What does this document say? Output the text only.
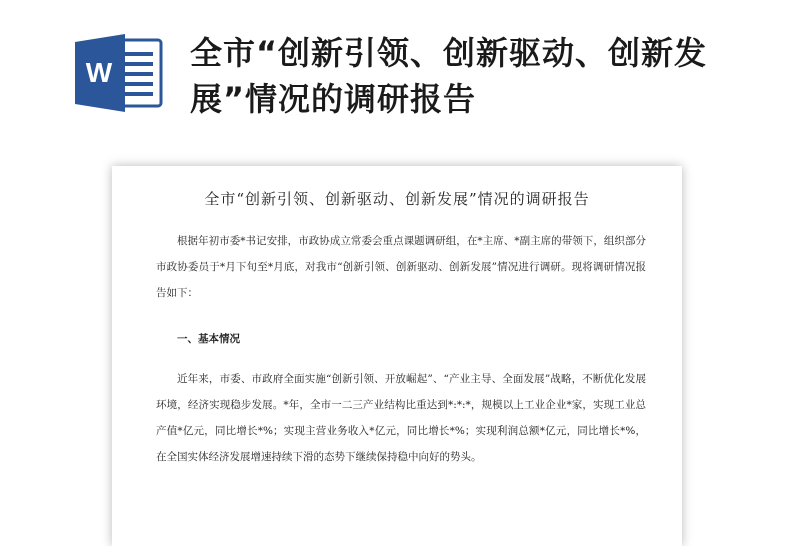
W
全市“创新引领、创新驱动、创新发展”情况的调研报告
全市“创新引领、创新驱动、创新发展”情况的调研报告
根据年初市委*书记安排，市政协成立常委会重点课题调研组，在*主席、*副主席的带领下，组织部分市政协委员于*月下旬至*月底，对我市“创新引领、创新驱动、创新发展”情况进行调研。现将调研情况报告如下：
一、基本情况
近年来，市委、市政府全面实施“创新引领、开放崛起”、“产业主导、全面发展”战略，不断优化发展环境，经济实现稳步发展。*年，全市一二三产业结构比重达到*:*:*，规模以上工业企业*家，实现工业总产值*亿元，同比增长*%；实现主营业务收入*亿元，同比增长*%；实现利润总额*亿元，同比增长*%，在全国实体经济发展增速持续下滑的态势下继续保持稳中向好的势头。
